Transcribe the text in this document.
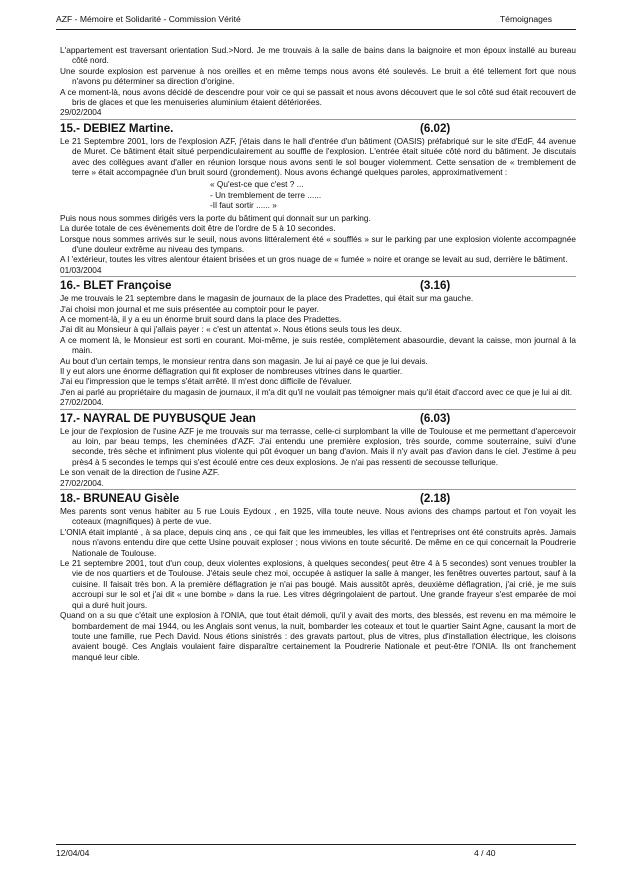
AZF - Mémoire et Solidarité - Commission Vérité	Témoignages

L'appartement est traversant orientation Sud.>Nord. Je me trouvais à la salle de bains dans la baignoire et mon époux installé au bureau côté nord.

Une sourde explosion est parvenue à nos oreilles et en même temps nous avons été soulevés. Le bruit a été tellement fort que nous n'avons pu déterminer sa direction d'origine.

A ce moment-là, nous avons décidé de descendre pour voir ce qui se passait et nous avons découvert que le sol côté sud était recouvert de bris de glaces et que les menuiseries aluminium étaient détériorées.

29/02/2004

15.- DEBIEZ Martine.	(6.02)

Le 21 Septembre 2001, lors de l'explosion AZF, j'étais dans le hall d'entrée d'un bâtiment (OASIS) préfabriqué sur le site d'EdF, 44 avenue de Muret. Ce bâtiment était situé perpendiculairement au souffle de l'explosion. L'entrée était située côté nord du bâtiment. Je discutais avec des collègues avant d'aller en réunion lorsque nous avons senti le sol bouger violemment. Cette sensation de « tremblement de terre » était accompagnée d'un bruit sourd (grondement). Nous avons échangé quelques paroles, approximativement :

« Qu'est-ce que c'est ? ...
- Un tremblement de terre ......
-Il faut sortir ...... »

Puis nous nous sommes dirigés vers la porte du bâtiment qui donnait sur un parking.

La durée totale de ces évènements doit être de l'ordre de 5 à 10 secondes.

Lorsque nous sommes arrivés sur le seuil, nous avons littéralement été « soufflés » sur le parking par une explosion violente accompagnée d'une douleur extrême au niveau des tympans.

A l 'extérieur, toutes les vitres alentour étaient brisées et un gros nuage de « fumée » noire et orange se levait au sud, derrière le bâtiment.

01/03/2004

16.- BLET Françoise	(3.16)

Je me trouvais le 21 septembre dans le magasin de journaux de la place des Pradettes, qui était sur ma gauche.

J'ai choisi mon journal et me suis présentée au comptoir pour le payer.

A ce moment-là, il y a eu un énorme bruit sourd dans la place des Pradettes.

J'ai dit au Monsieur à qui j'allais payer : « c'est un attentat ». Nous étions seuls tous les deux.

A ce moment là, le Monsieur est sorti en courant. Moi-même, je suis restée, complètement abasourdie, devant la caisse, mon journal à la main.

Au bout d'un certain temps, le monsieur rentra dans son magasin. Je lui ai payé ce que je lui devais.

Il y eut alors une énorme déflagration qui fit exploser de nombreuses vitrines dans le quartier.

J'ai eu l'impression que le temps s'était arrêté. Il m'est donc difficile de l'évaluer.

J'en ai parlé au propriétaire du magasin de journaux, il m'a dit qu'il ne voulait pas témoigner mais qu'il était d'accord avec ce que je lui ai dit.

27/02/2004.

17.- NAYRAL DE PUYBUSQUE Jean	(6.03)

Le jour de l'explosion de l'usine AZF je me trouvais sur ma terrasse, celle-ci surplombant la ville de Toulouse et me permettant d'apercevoir au loin, par beau temps, les cheminées d'AZF. J'ai entendu une première explosion, très sourde, comme souterraine, suivi d'une seconde, très sèche et infiniment plus violente qui pût évoquer un bang d'avion. Mais il n'y avait pas d'avion dans le ciel. J'estime à peu près4 à 5 secondes le temps qui s'est écoulé entre ces deux explosions. Je n'ai pas ressenti de secousse tellurique.

Le son venait de la direction de l'usine AZF.

27/02/2004.

18.- BRUNEAU Gisèle	(2.18)

Mes parents sont venus habiter au 5 rue Louis Eydoux , en 1925, villa toute neuve. Nous avions des champs partout et l'on voyait les coteaux (magnifiques) à perte de vue.

L'ONIA était implanté , à sa place, depuis cinq ans , ce qui fait que les immeubles, les villas et l'entreprises ont été construits après. Jamais nous n'avons entendu dire que cette Usine pouvait exploser ; nous vivions en toute sécurité. De même en ce qui concernait la Poudrerie Nationale de Toulouse.

Le 21 septembre 2001, tout d'un coup, deux violentes explosions, à quelques secondes( peut être 4 à 5 secondes) sont venues troubler la vie de nos quartiers et de Toulouse. J'étais seule chez moi, occupée à astiquer la salle à manger, les fenêtres ouvertes partout, sauf à la cuisine. Il faisait très bon. A la première déflagration je n'ai pas bougé. Mais aussitôt après, deuxième déflagration, j'ai crié, je me suis accroupi sur le sol et j'ai dit « une bombe » dans la rue. Les vitres dégringolaient de partout. Une grande frayeur s'est emparée de moi qui a duré huit jours.

Quand on a su que c'était une explosion à l'ONIA, que tout était démoli, qu'il y avait des morts, des blessés, est revenu en ma mémoire le bombardement de mai 1944, ou les Anglais sont venus, la nuit, bombarder les coteaux et tout le quartier Saint Agne, causant la mort de toute une famille, rue Pech David. Nous étions sinistrés : des gravats partout, plus de vitres, plus d'installation électrique, les cloisons avaient bougé. Ces Anglais voulaient faire disparaître certainement la Poudrerie Nationale et peut-être l'ONIA. Ils ont franchement manqué leur cible.

12/04/04	4 / 40
